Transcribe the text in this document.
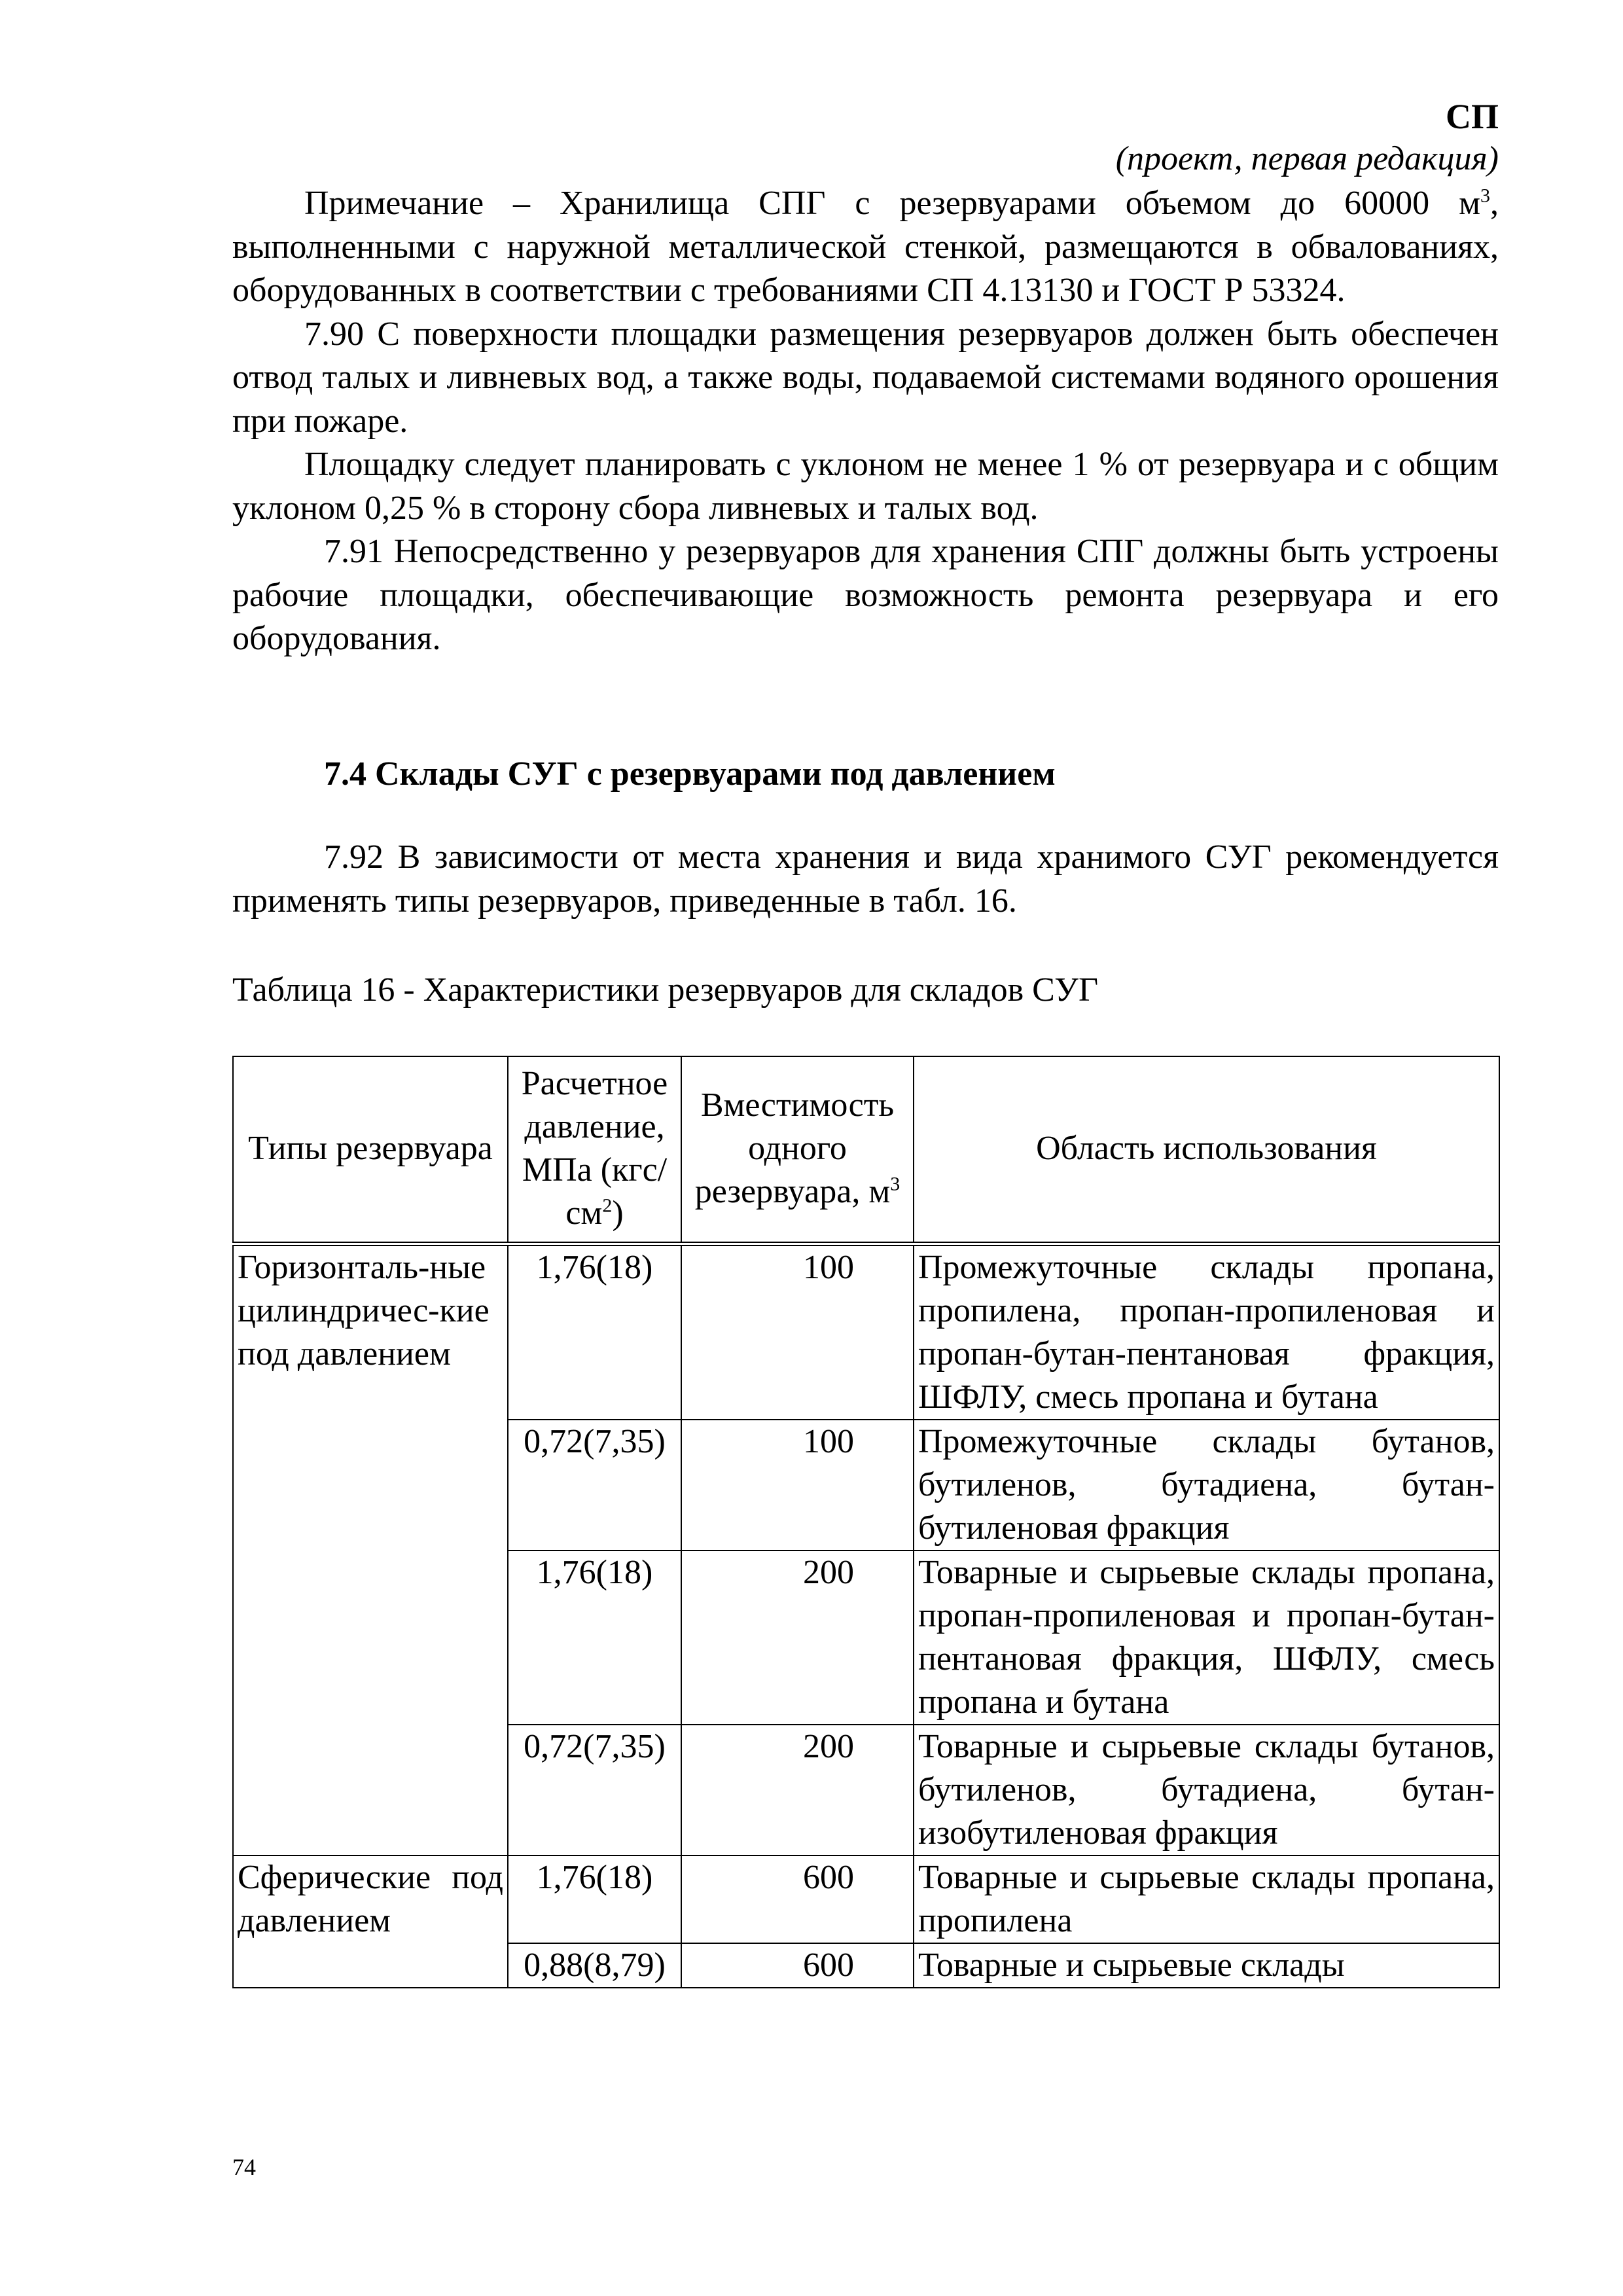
СП
(проект, первая редакция)

Примечание – Хранилища СПГ с резервуарами объемом до 60000 $м^3$, выполненными с наружной металлической стенкой, размещаются в обвалованиях, оборудованных в соответствии с требованиями СП 4.13130 и ГОСТ Р 53324.

7.90 С поверхности площадки размещения резервуаров должен быть обеспечен отвод талых и ливневых вод, а также воды, подаваемой системами водяного орошения при пожаре.

Площадку следует планировать с уклоном не менее 1 % от резервуара и с общим уклоном 0,25 % в сторону сбора ливневых и талых вод.

7.91 Непосредственно у резервуаров для хранения СПГ должны быть устроены рабочие площадки, обеспечивающие возможность ремонта резервуара и его оборудования.

7.4 Склады СУГ с резервуарами под давлением

7.92 В зависимости от места хранения и вида хранимого СУГ рекомендуется применять типы резервуаров, приведенные в табл. 16.

Таблица 16 - Характеристики резервуаров для складов СУГ
Типы резервуара	Расчетное давление, МПа $(кгс/см^2)$	Вместимость одного резервуара, $м^3$	Область использования
Горизонталь-ные цилиндричес-кие под давлением	1,76(18)	100	Промежуточные склады пропана, пропилена, пропан-пропиленовая и пропан-бутан-пентановая фракция, ШФЛУ, смесь пропана и бутана
	0,72(7,35)	100	Промежуточные склады бутанов, бутиленов, бутадиена, бутан-бутиленовая фракция
	1,76(18)	200	Товарные и сырьевые склады пропана, пропан-пропиленовая и пропан-бутан-пентановая фракция, ШФЛУ, смесь пропана и бутана
	0,72(7,35)	200	Товарные и сырьевые склады бутанов, бутиленов, бутадиена, бутан-изобутиленовая фракция
Сферические под давлением	1,76(18)	600	Товарные и сырьевые склады пропана, пропилена
	0,88(8,79)	600	Товарные и сырьевые склады
74
